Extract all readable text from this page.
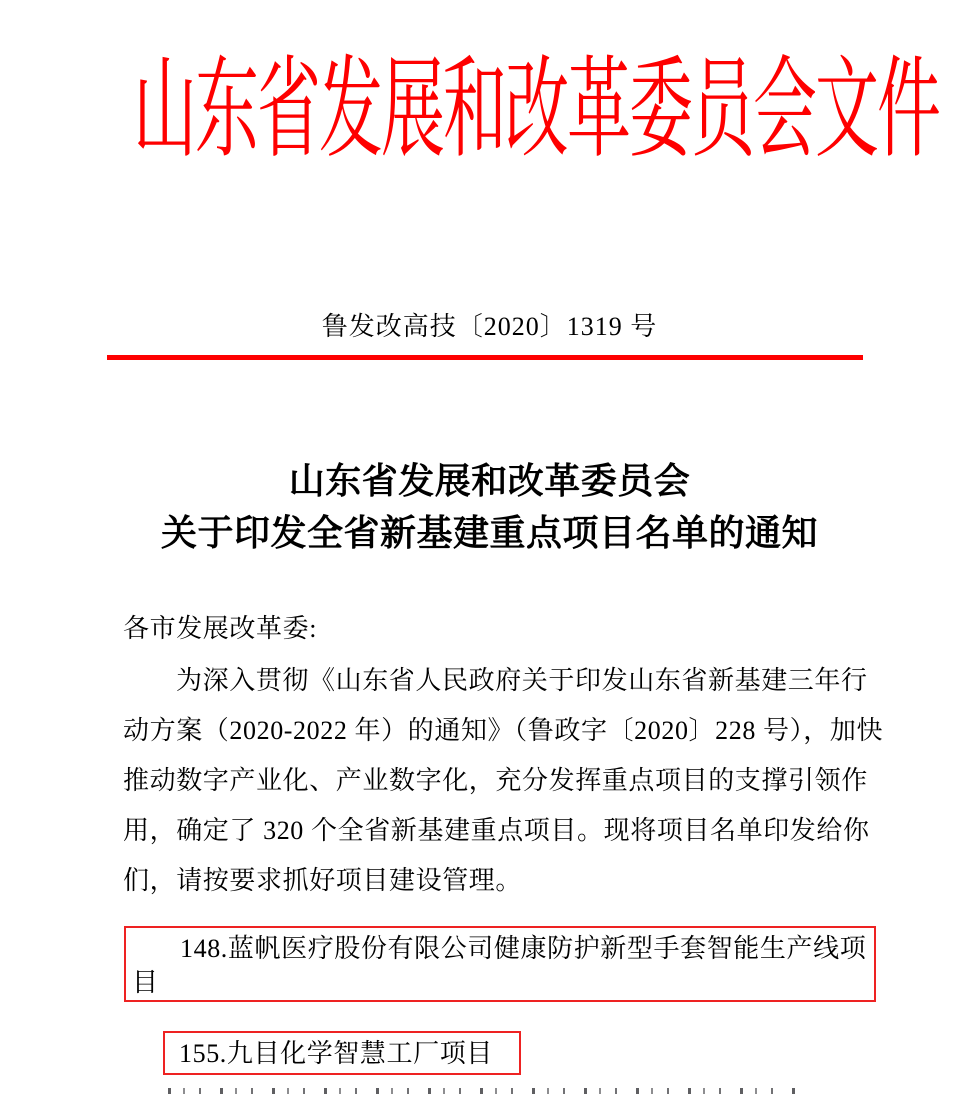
山东省发展和改革委员会文件
鲁发改高技〔2020〕1319 号
山东省发展和改革委员会
关于印发全省新基建重点项目名单的通知
各市发展改革委:
为深入贯彻《山东省人民政府关于印发山东省新基建三年行
动方案（2020-2022 年）的通知》（鲁政字〔2020〕228 号），加快
推动数字产业化、产业数字化，充分发挥重点项目的支撑引领作
用，确定了 320 个全省新基建重点项目。现将项目名单印发给你
们，请按要求抓好项目建设管理。
148.蓝帆医疗股份有限公司健康防护新型手套智能生产线项
目
155.九目化学智慧工厂项目
